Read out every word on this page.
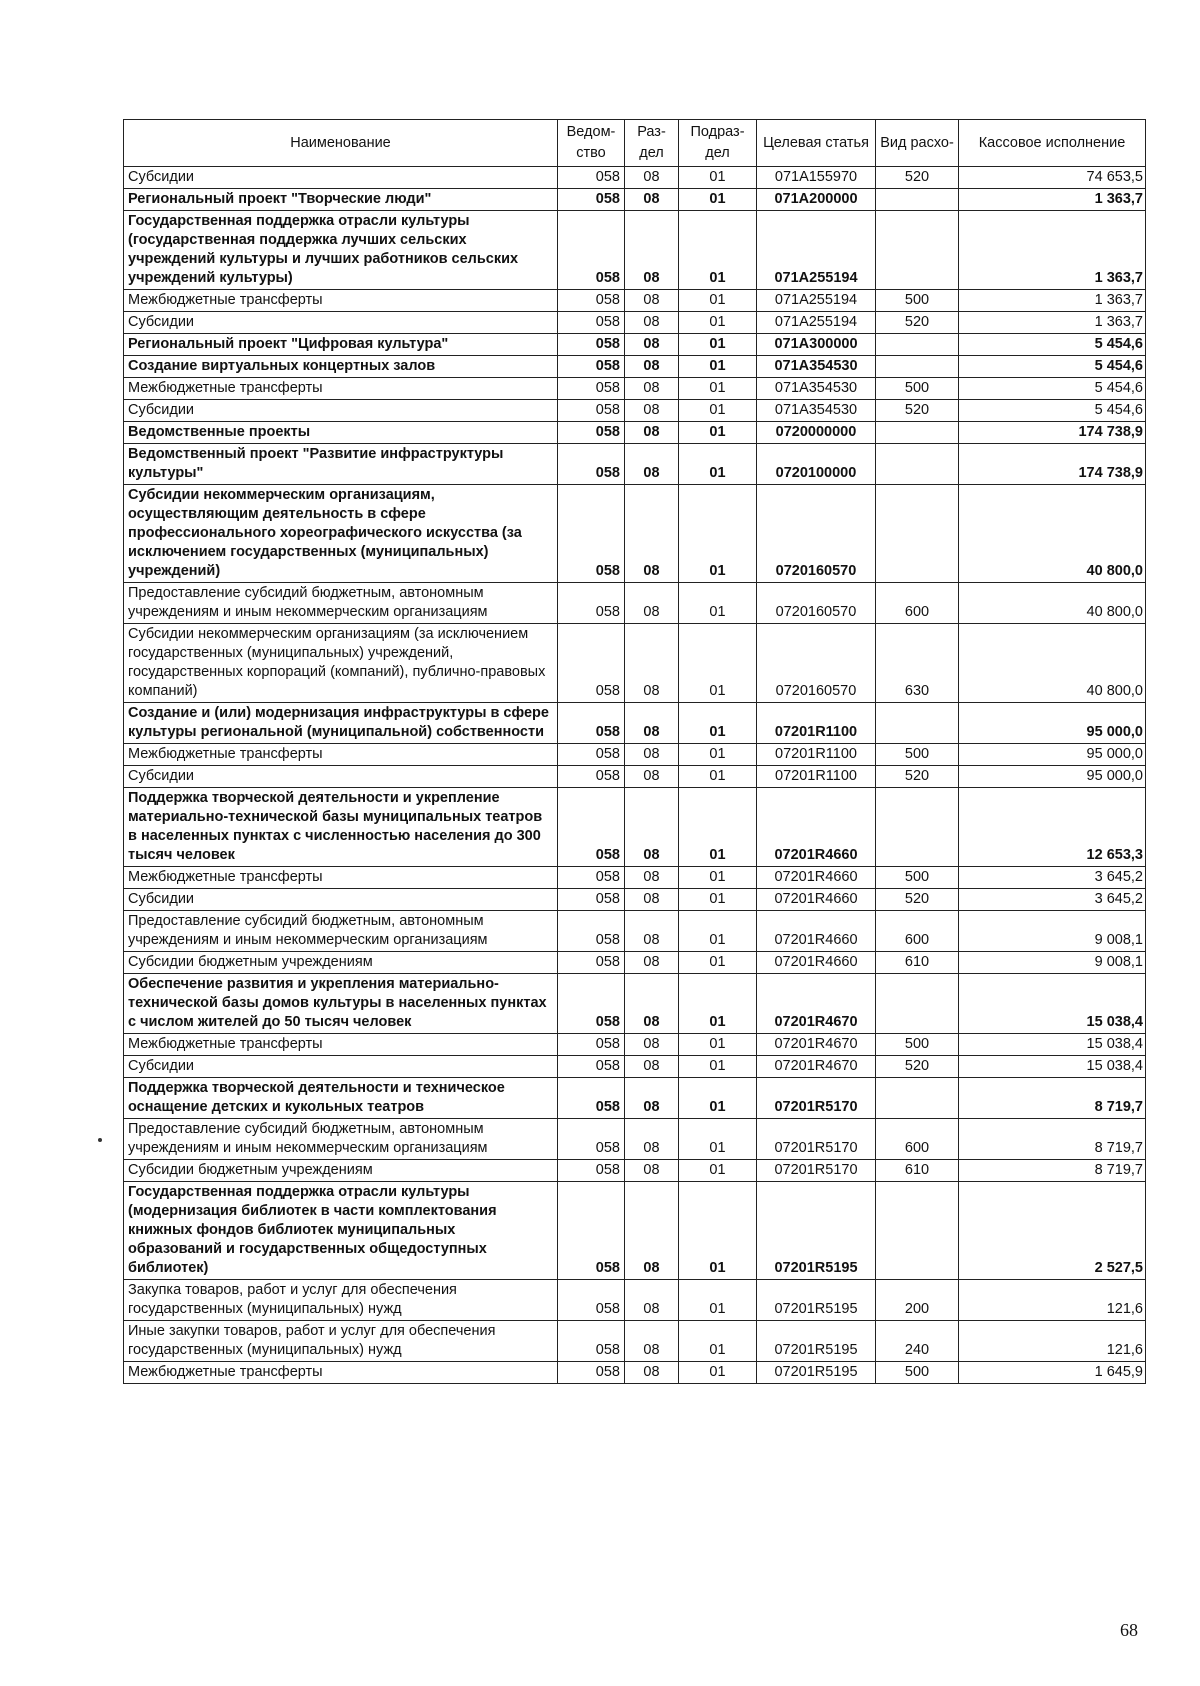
Наименование	Ведом-ство	Раз-дел	Подраз-дел	Целевая статья	Вид расхо-	Кассовое исполнение
Субсидии	058	08	01	071А155970	520	74 653,5
Региональный проект "Творческие люди"	058	08	01	071А200000		1 363,7
Государственная поддержка отрасли культуры (государственная поддержка лучших сельских учреждений культуры и лучших работников сельских учреждений культуры)	058	08	01	071А255194		1 363,7
Межбюджетные трансферты	058	08	01	071А255194	500	1 363,7
Субсидии	058	08	01	071А255194	520	1 363,7
Региональный проект "Цифровая культура"	058	08	01	071А300000		5 454,6
Создание виртуальных концертных залов	058	08	01	071А354530		5 454,6
Межбюджетные трансферты	058	08	01	071А354530	500	5 454,6
Субсидии	058	08	01	071А354530	520	5 454,6
Ведомственные проекты	058	08	01	0720000000		174 738,9
Ведомственный проект "Развитие инфраструктуры культуры"	058	08	01	0720100000		174 738,9
Субсидии некоммерческим организациям, осуществляющим деятельность в сфере профессионального хореографического искусства (за исключением государственных (муниципальных) учреждений)	058	08	01	0720160570		40 800,0
Предоставление субсидий бюджетным, автономным учреждениям и иным некоммерческим организациям	058	08	01	0720160570	600	40 800,0
Субсидии некоммерческим организациям (за исключением государственных (муниципальных) учреждений, государственных корпораций (компаний), публично-правовых компаний)	058	08	01	0720160570	630	40 800,0
Создание и (или) модернизация инфраструктуры в сфере культуры региональной (муниципальной) собственности	058	08	01	07201R1100		95 000,0
Межбюджетные трансферты	058	08	01	07201R1100	500	95 000,0
Субсидии	058	08	01	07201R1100	520	95 000,0
Поддержка творческой деятельности и укрепление материально-технической базы муниципальных театров в населенных пунктах с численностью населения до 300 тысяч человек	058	08	01	07201R4660		12 653,3
Межбюджетные трансферты	058	08	01	07201R4660	500	3 645,2
Субсидии	058	08	01	07201R4660	520	3 645,2
Предоставление субсидий бюджетным, автономным учреждениям и иным некоммерческим организациям	058	08	01	07201R4660	600	9 008,1
Субсидии бюджетным учреждениям	058	08	01	07201R4660	610	9 008,1
Обеспечение развития и укрепления материально-технической базы домов культуры в населенных пунктах с числом жителей до 50 тысяч человек	058	08	01	07201R4670		15 038,4
Межбюджетные трансферты	058	08	01	07201R4670	500	15 038,4
Субсидии	058	08	01	07201R4670	520	15 038,4
Поддержка творческой деятельности и техническое оснащение детских и кукольных театров	058	08	01	07201R5170		8 719,7
Предоставление субсидий бюджетным, автономным учреждениям и иным некоммерческим организациям	058	08	01	07201R5170	600	8 719,7
Субсидии бюджетным учреждениям	058	08	01	07201R5170	610	8 719,7
Государственная поддержка отрасли культуры (модернизация библиотек в части комплектования книжных фондов библиотек муниципальных образований и государственных общедоступных библиотек)	058	08	01	07201R5195		2 527,5
Закупка товаров, работ и услуг для обеспечения государственных (муниципальных) нужд	058	08	01	07201R5195	200	121,6
Иные закупки товаров, работ и услуг для обеспечения государственных (муниципальных) нужд	058	08	01	07201R5195	240	121,6
Межбюджетные трансферты	058	08	01	07201R5195	500	1 645,9
68
